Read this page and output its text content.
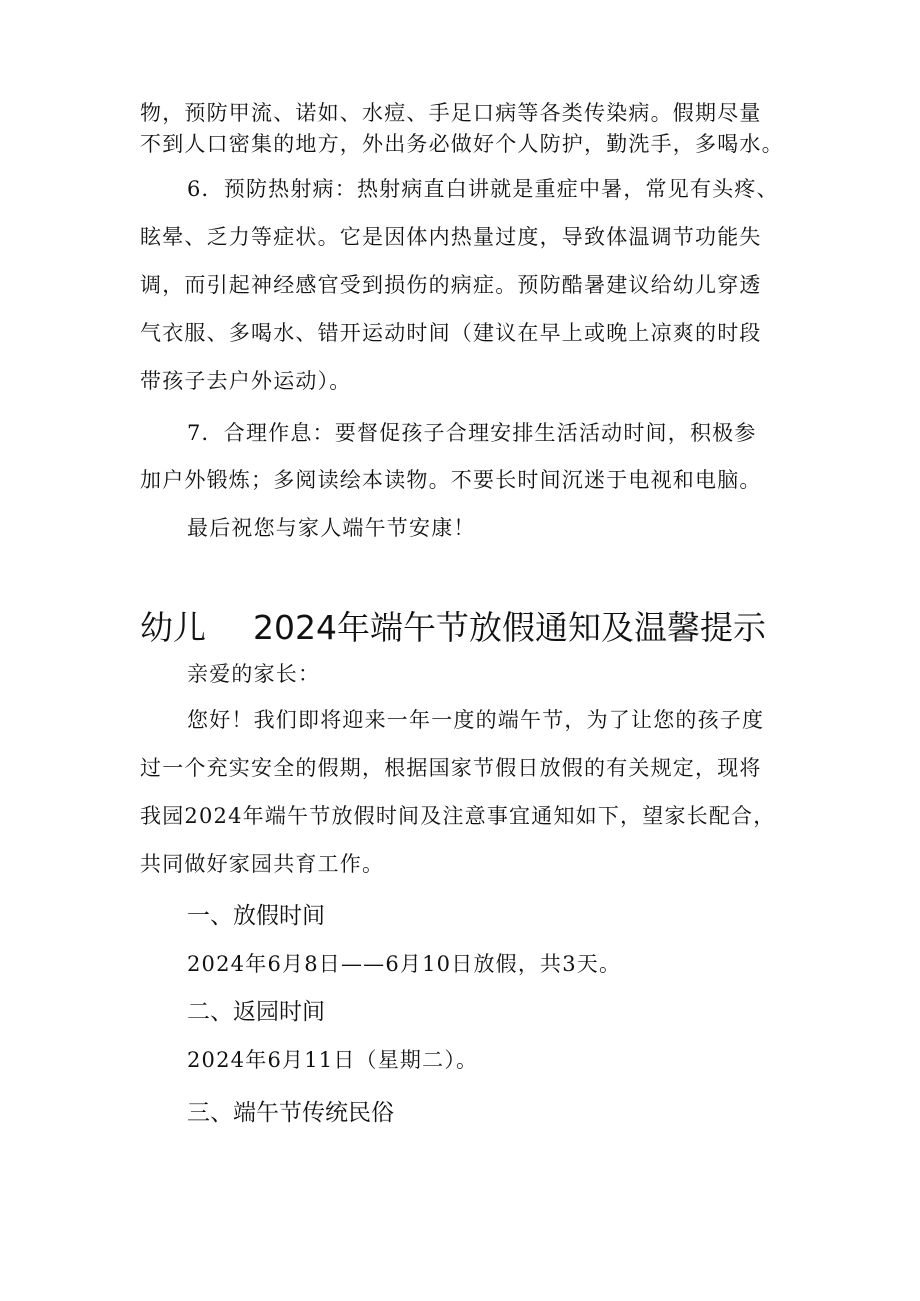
物，预防甲流、诺如、水痘、手足口病等各类传染病。假期尽量

不到人口密集的地方，外出务必做好个人防护，勤洗手，多喝水。

6．预防热射病：热射病直白讲就是重症中暑，常见有头疼、

眩晕、乏力等症状。它是因体内热量过度，导致体温调节功能失

调，而引起神经感官受到损伤的病症。预防酷暑建议给幼儿穿透

气衣服、多喝水、错开运动时间（建议在早上或晚上凉爽的时段

带孩子去户外运动）。

7．合理作息：要督促孩子合理安排生活活动时间，积极参

加户外锻炼；多阅读绘本读物。不要长时间沉迷于电视和电脑。

最后祝您与家人端午节安康！

幼儿 2024年端午节放假通知及温馨提示

亲爱的家长：

您好！我们即将迎来一年一度的端午节，为了让您的孩子度

过一个充实安全的假期，根据国家节假日放假的有关规定，现将

我园2024年端午节放假时间及注意事宜通知如下，望家长配合，

共同做好家园共育工作。

一、放假时间

2024年6月8日——6月10日放假，共3天。

二、返园时间

2024年6月11日（星期二）。

三、端午节传统民俗
